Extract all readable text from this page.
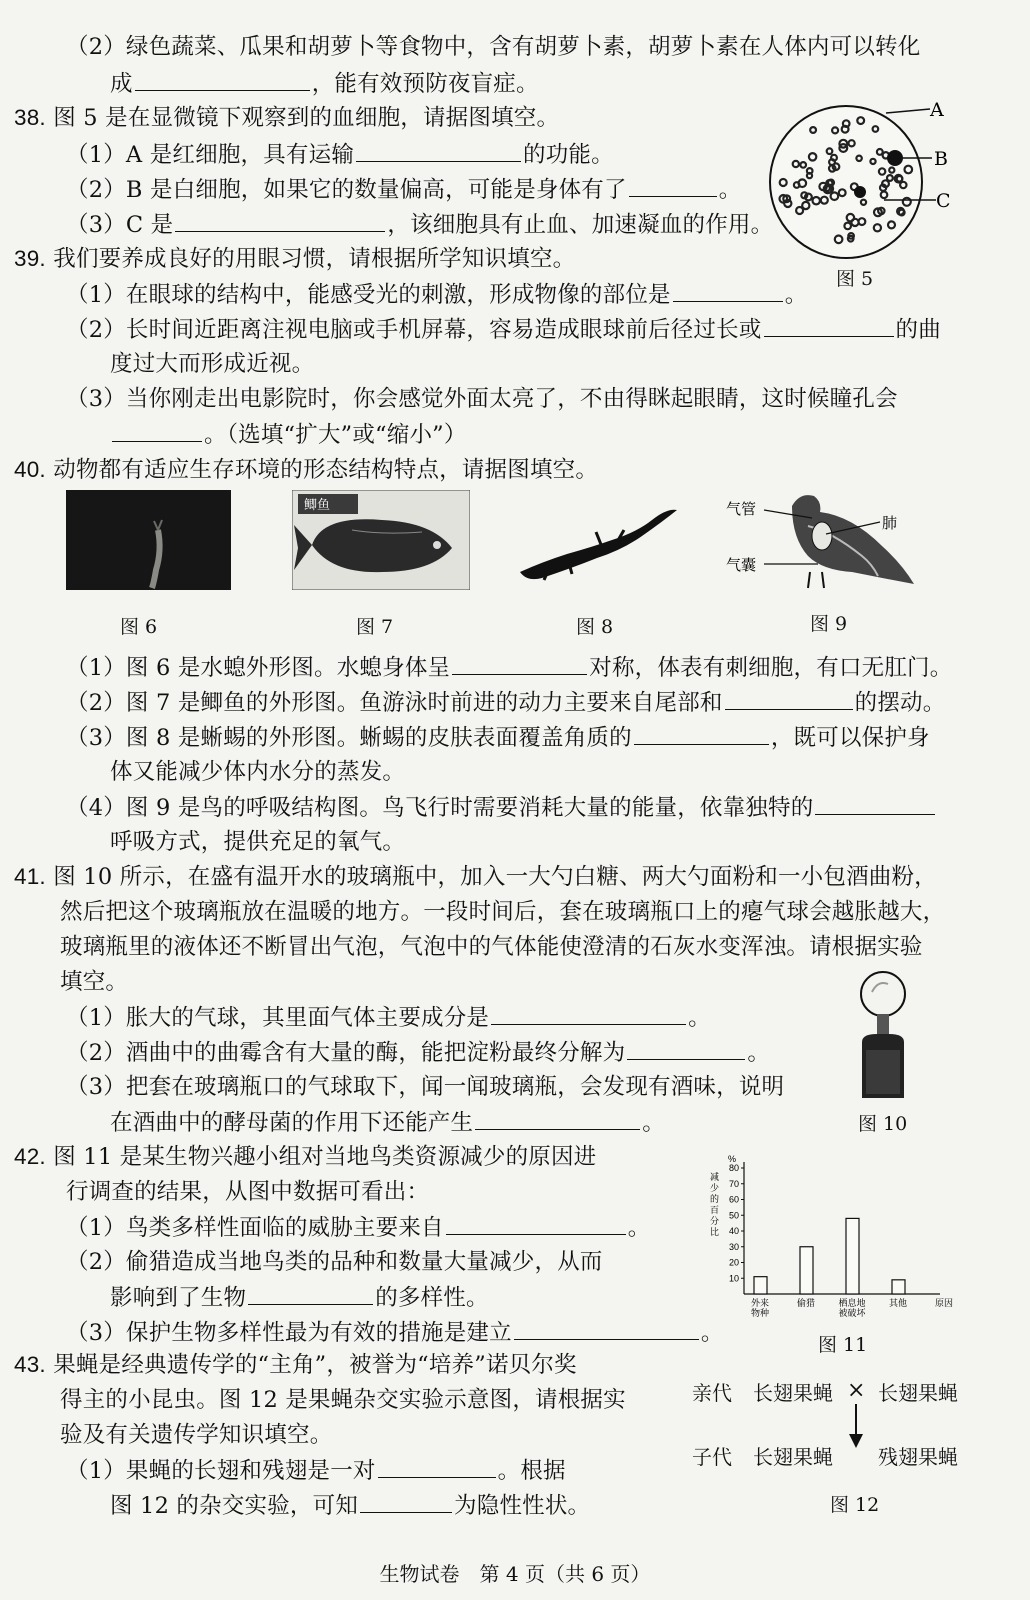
（2）绿色蔬菜、瓜果和胡萝卜等食物中，含有胡萝卜素，胡萝卜素在人体内可以转化
成	，能有效预防夜盲症。
38. 图 5 是在显微镜下观察到的血细胞，请据图填空。
（1）A 是红细胞，具有运输	的功能。
（2）B 是白细胞，如果它的数量偏高，可能是身体有了	。
（3）C 是	，该细胞具有止血、加速凝血的作用。
A
B
C
图 5
39. 我们要养成良好的用眼习惯，请根据所学知识填空。
（1）在眼球的结构中，能感受光的刺激，形成物像的部位是	。
（2）长时间近距离注视电脑或手机屏幕，容易造成眼球前后径过长或	的曲
度过大而形成近视。
（3）当你刚走出电影院时，你会感觉外面太亮了，不由得眯起眼睛，这时候瞳孔会
。（选填“扩大”或“缩小”）
40. 动物都有适应生存环境的形态结构特点，请据图填空。
图 6
鲫鱼
图 7	图 8
气管
肺
气囊
图 9
（1）图 6 是水螅外形图。水螅身体呈	对称，体表有刺细胞，有口无肛门。
（2）图 7 是鲫鱼的外形图。鱼游泳时前进的动力主要来自尾部和	的摆动。
（3）图 8 是蜥蜴的外形图。蜥蜴的皮肤表面覆盖角质的	，既可以保护身
体又能减少体内水分的蒸发。
（4）图 9 是鸟的呼吸结构图。鸟飞行时需要消耗大量的能量，依靠独特的
呼吸方式，提供充足的氧气。
41. 图 10 所示，在盛有温开水的玻璃瓶中，加入一大勺白糖、两大勺面粉和一小包酒曲粉，
然后把这个玻璃瓶放在温暖的地方。一段时间后，套在玻璃瓶口上的瘪气球会越胀越大，
玻璃瓶里的液体还不断冒出气泡，气泡中的气体能使澄清的石灰水变浑浊。请根据实验
填空。
（1）胀大的气球，其里面气体主要成分是	。
（2）酒曲中的曲霉含有大量的酶，能把淀粉最终分解为	。
（3）把套在玻璃瓶口的气球取下，闻一闻玻璃瓶，会发现有酒味，说明
在酒曲中的酵母菌的作用下还能产生	。	图 10
42. 图 11 是某生物兴趣小组对当地鸟类资源减少的原因进
行调查的结果，从图中数据可看出：
（1）鸟类多样性面临的威胁主要来自	。
（2）偷猎造成当地鸟类的品种和数量大量减少，从而
影响到了生物	的多样性。
（3）保护生物多样性最为有效的措施是建立	。
%
减少的百分比
10
20
30
40
50
60
70
80
外来物种
偷猎	栖息地被破坏
其他	原因
图 11
43. 果蝇是经典遗传学的“主角”，被誉为“培养”诺贝尔奖
得主的小昆虫。图 12 是果蝇杂交实验示意图，请根据实
验及有关遗传学知识填空。
（1）果蝇的长翅和残翅是一对	。根据
图 12 的杂交实验，可知	为隐性性状。
亲代 长翅果蝇 × 长翅果蝇
子代 长翅果蝇 残翅果蝇
图 12
生物试卷　第 4 页（共 6 页）
